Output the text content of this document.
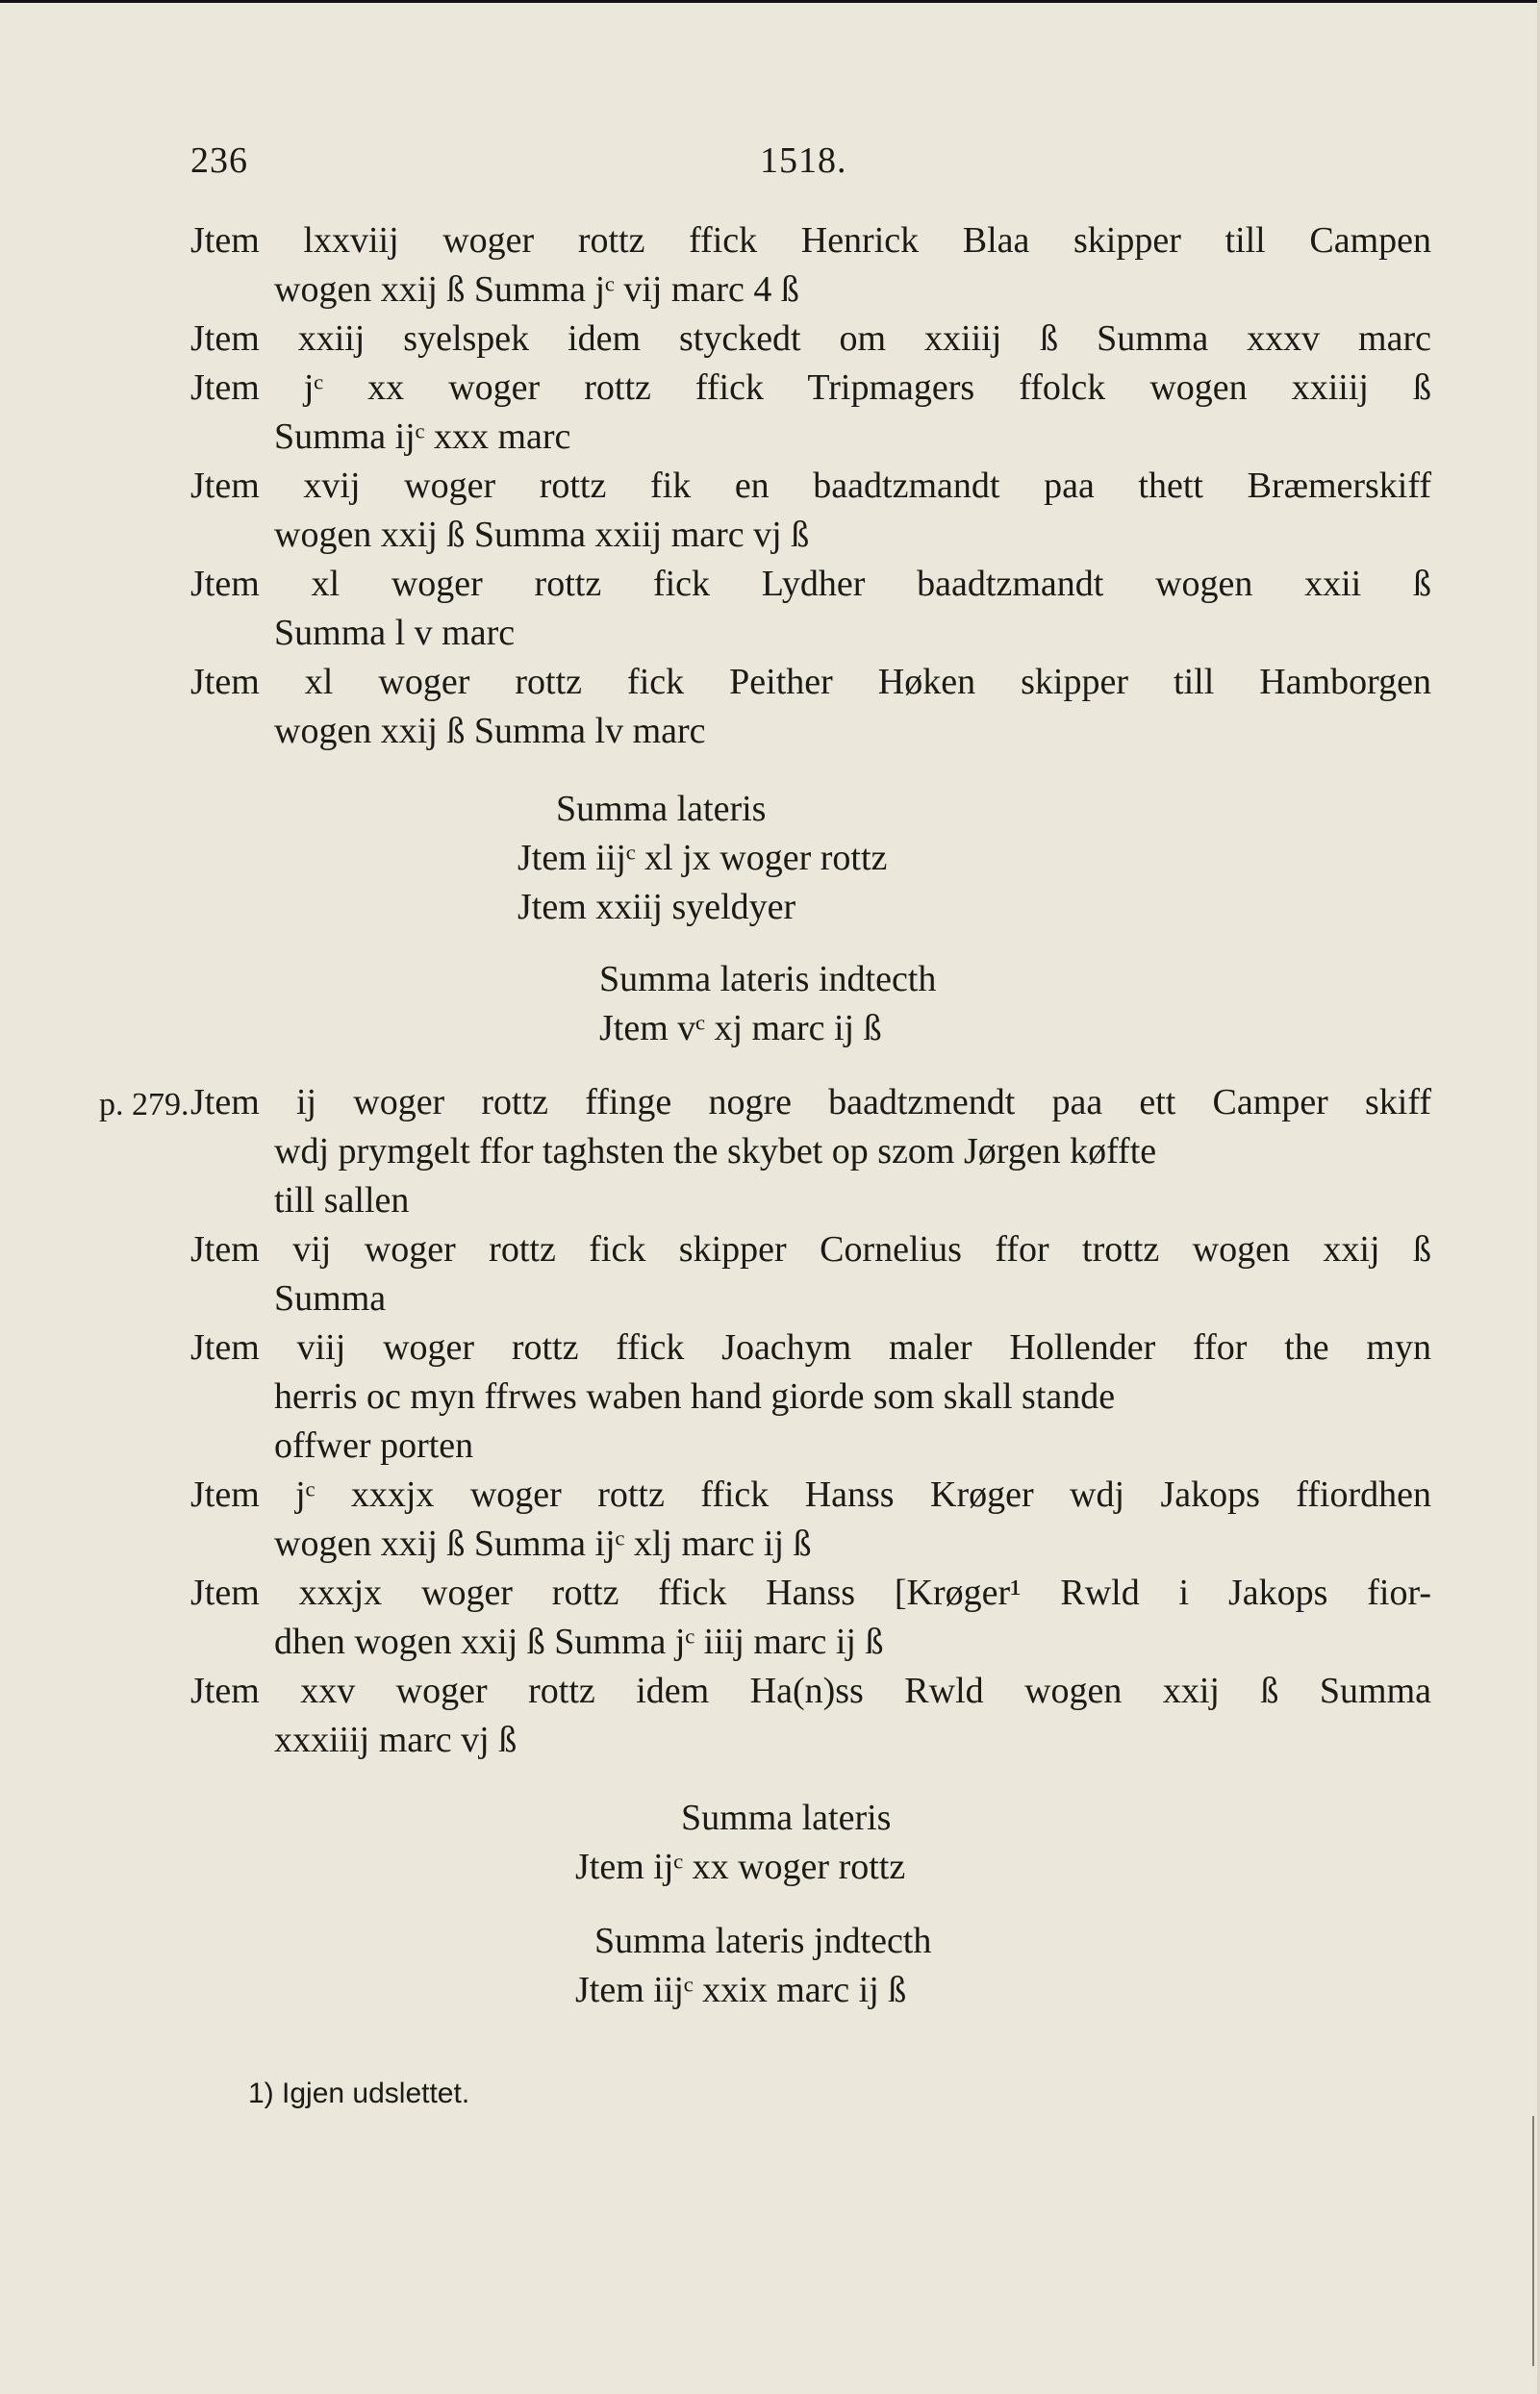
236	1518.

Jtem lxxviij woger rottz ffick Henrick Blaa skipper till Campen
wogen xxij ß Summa jᶜ vij marc 4 ß

Jtem xxiij syelspek idem styckedt om xxiiij ß Summa xxxv marc

Jtem jᶜ xx woger rottz ffick Tripmagers ffolck wogen xxiiij ß
Summa ijᶜ xxx marc

Jtem xvij woger rottz fik en baadtzmandt paa thett Bræmerskiff
wogen xxij ß Summa xxiij marc vj ß

Jtem xl woger rottz fick Lydher baadtzmandt wogen xxii ß
Summa l v marc

Jtem xl woger rottz fick Peither Høken skipper till Hamborgen
wogen xxij ß Summa lv marc

Summa lateris
Jtem iijᶜ xl jx woger rottz
Jtem xxiij syeldyer
Summa lateris indtecth
Jtem vᶜ xj marc ij ß
p. 279. Jtem ij woger rottz ffinge nogre baadtzmendt paa ett Camper skiff
wdj prymgelt ffor taghsten the skybet op szom Jørgen køffte
till sallen

Jtem vij woger rottz fick skipper Cornelius ffor trottz wogen xxij ß
Summa

Jtem viij woger rottz ffick Joachym maler Hollender ffor the myn
herris oc myn ffrwes waben hand giorde som skall stande
offwer porten

Jtem jᶜ xxxjx woger rottz ffick Hanss Krøger wdj Jakops ffiordhen
wogen xxij ß Summa ijᶜ xlj marc ij ß

Jtem xxxjx woger rottz ffick Hanss [Krøger¹ Rwld i Jakops fior-
dhen wogen xxij ß Summa jᶜ iiij marc ij ß

Jtem xxv woger rottz idem Ha(n)ss Rwld wogen xxij ß Summa
xxxiiij marc vj ß

Summa lateris
Jtem ijᶜ xx woger rottz
Summa lateris jndtecth
Jtem iijᶜ xxix marc ij ß
1) Igjen udslettet.
